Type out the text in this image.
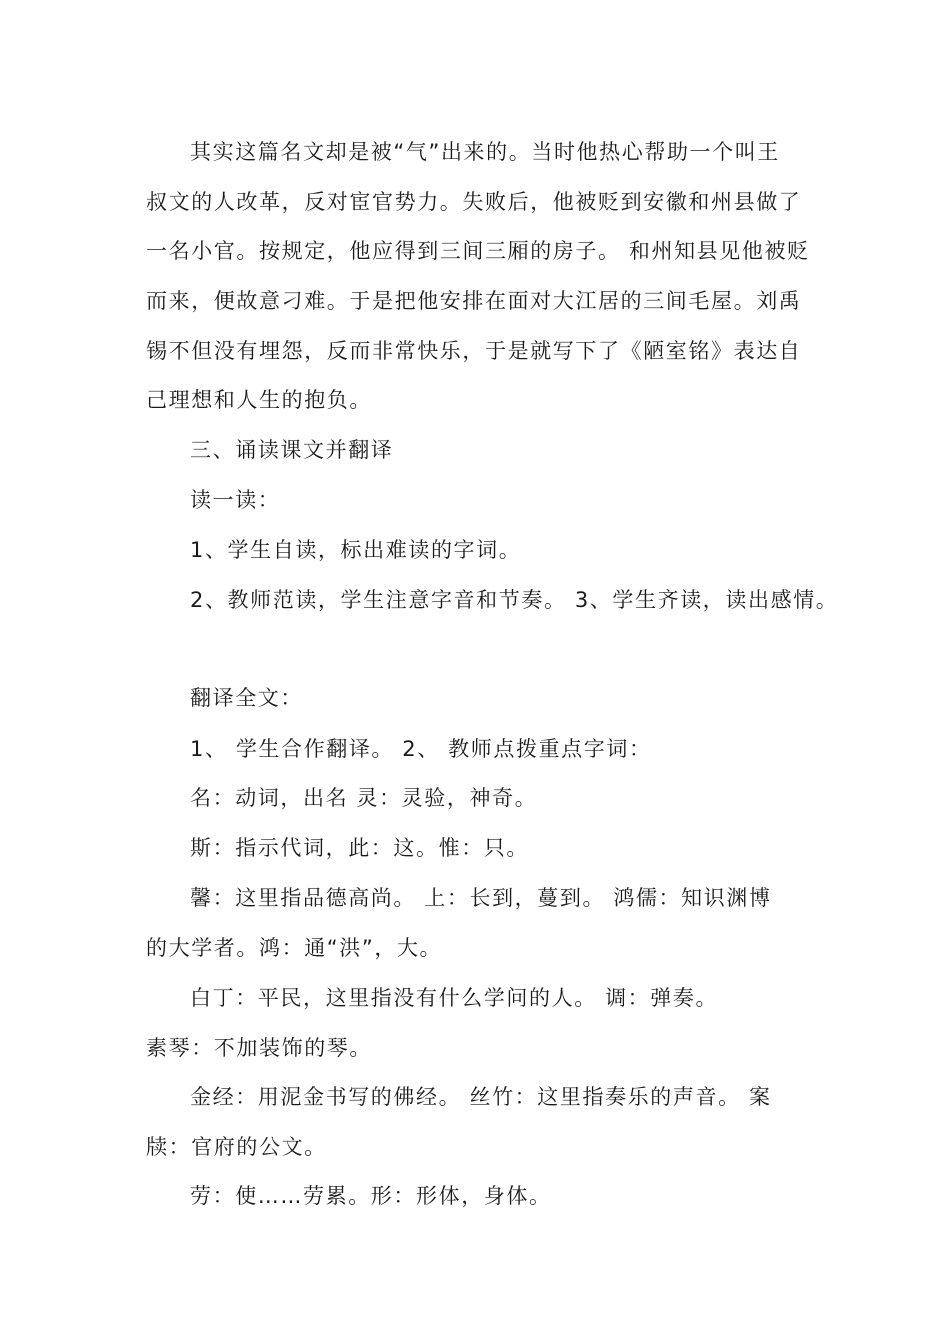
其实这篇名文却是被“气”出来的。当时他热心帮助一个叫王
叔文的人改革，反对宦官势力。失败后，他被贬到安徽和州县做了
一名小官。按规定，他应得到三间三厢的房子。 和州知县见他被贬
而来，便故意刁难。于是把他安排在面对大江居的三间毛屋。刘禹
锡不但没有埋怨，反而非常快乐，于是就写下了《陋室铭》表达自
己理想和人生的抱负。
三、诵读课文并翻译
读一读：
1、学生自读，标出难读的字词。
2、教师范读，学生注意字音和节奏。 3、学生齐读，读出感情。
翻译全文：
1、 学生合作翻译。 2、 教师点拨重点字词：
名：动词，出名 灵：灵验，神奇。
斯：指示代词，此：这。惟：只。
馨：这里指品德高尚。 上：长到，蔓到。 鸿儒：知识渊博
的大学者。鸿：通“洪”，大。
白丁：平民，这里指没有什么学问的人。 调：弹奏。
素琴：不加装饰的琴。
金经：用泥金书写的佛经。 丝竹：这里指奏乐的声音。 案
牍：官府的公文。
劳：使……劳累。形：形体，身体。
